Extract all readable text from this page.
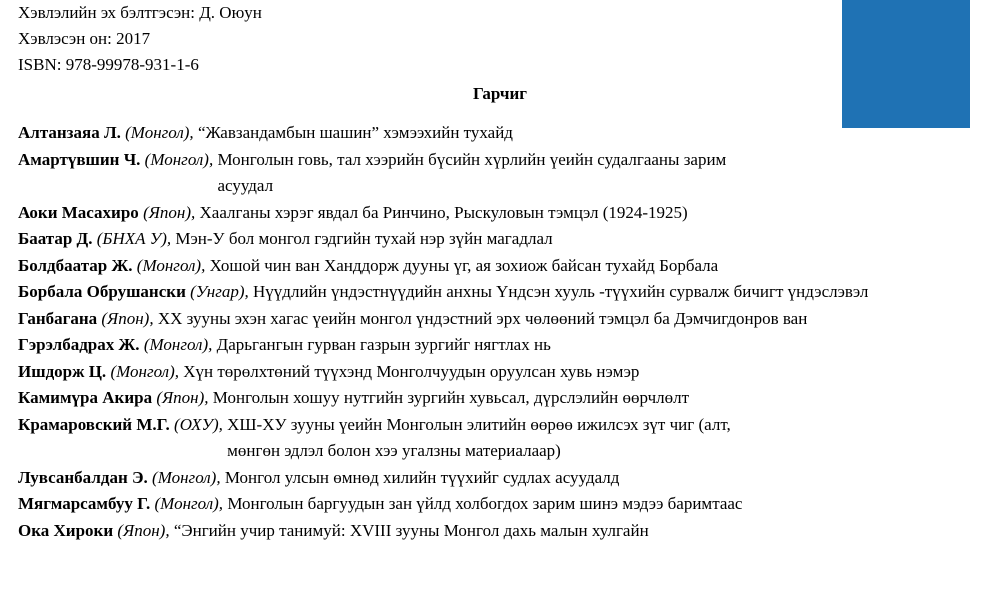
Хэвлэлийн эх бэлтгэсэн: Д. Оюун
Хэвлэсэн он: 2017
ISBN: 978-99978-931-1-6
Гарчиг
Алтанзаяа Л. (Монгол), “Жавзандамбын шашин” хэмээхийн тухайд
Амартүвшин Ч. (Монгол), Монголын говь, тал хээрийн бүсийн хүрлийн үеийн судалгааны зарим асуудал
Аоки Масахиро (Япон), Хаалганы хэрэг явдал ба Ринчино, Рыскуловын тэмцэл (1924-1925)
Баатар Д. (БНХА У), Мэн-У бол монгол гэдгийн тухай нэр зүйн магадлал
Болдбаатар Ж. (Монгол), Хошой чин ван Ханддорж дууны үг, ая зохиож байсан тухайд Борбала
Борбала Обрушански (Унгар), Нүүдлийн үндэстнүүдийн анхны Үндсэн хууль -түүхийн сурвалж бичигт үндэслэвэл
Ганбагана (Япон), ХХ зууны эхэн хагас үеийн монгол үндэстний эрх чөлөөний тэмцэл ба Дэмчигдонров ван
Гэрэлбадрах Ж. (Монгол), Дарьгангын гурван газрын зургийг нягтлах нь
Ишдорж Ц. (Монгол), Хүн төрөлхтөний түүхэнд Монголчуудын оруулсан хувь нэмэр
Камимүра Акира (Япон), Монголын хошуу нутгийн зургийн хувьсал, дүрслэлийн өөрчлөлт
Крамаровский М.Г. (ОХУ), ХШ-ХУ зууны үеийн Монголын элитийн өөрөө ижилсэх зүт чиг (алт, мөнгөн эдлэл болон хээ угалзны материалаар)
Лувсанбалдан Э. (Монгол), Монгол улсын өмнөд хилийн түүхийг судлах асуудалд
Мягмарсамбуу Г. (Монгол), Монголын баргуудын зан үйлд холбогдох зарим шинэ мэдээ баримтаас
Ока Хироки (Япон), “Энгийн учир танимуй: XVIII зууны Монгол дахь малын хулгайн
